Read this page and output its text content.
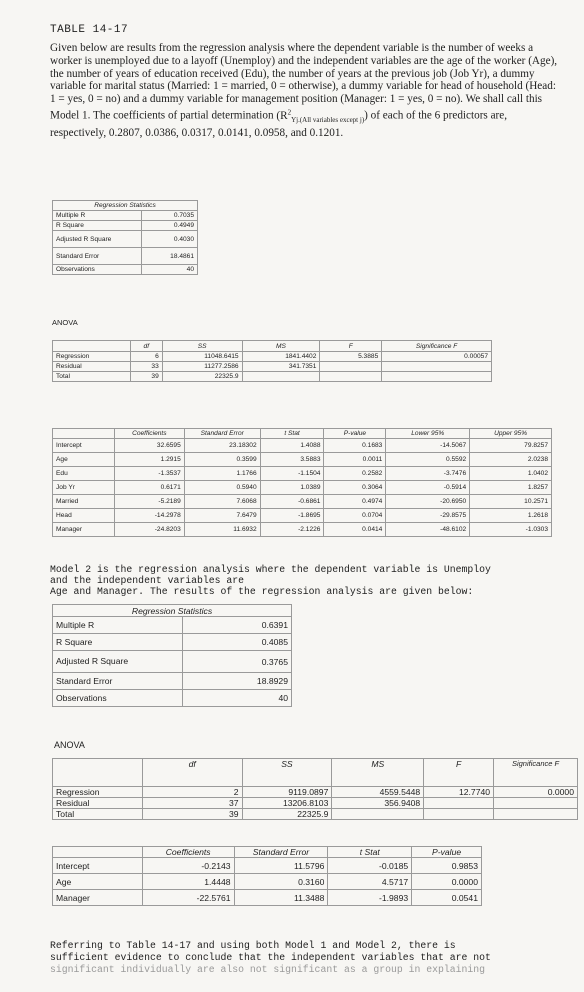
TABLE 14-17

Given below are results from the regression analysis where the dependent variable is the number of weeks a worker is unemployed due to a layoff (Unemploy) and the independent variables are the age of the worker (Age), the number of years of education received (Edu), the number of years at the previous job (Job Yr), a dummy variable for marital status (Married: 1 = married, 0 = otherwise), a dummy variable for head of household (Head: 1 = yes, 0 = no) and a dummy variable for management position (Manager: 1 = yes, 0 = no). We shall call this Model 1. The coefficients of partial determination $(R^2_{Yj.(All variables except j)})$ of each of the 6 predictors are, respectively, 0.2807, 0.0386, 0.0317, 0.0141, 0.0958, and 0.1201.

Regression Statistics	
Multiple R	0.7035
R Square	0.4949
Adjusted R Square	0.4030
Standard Error	18.4861
Observations	40
ANOVA
	df	SS	MS	F	Significance F
Regression	6	11048.6415	1841.4402	5.3885	0.00057
Residual	33	11277.2586	341.7351		
Total	39	22325.9			
	Coefficients	Standard Error	t Stat	P-value	Lower 95%	Upper 95%
Intercept	32.6595	23.18302	1.4088	0.1683	-14.5067	79.8257
Age	1.2915	0.3599	3.5883	0.0011	0.5592	2.0238
Edu	-1.3537	1.1766	-1.1504	0.2582	-3.7476	1.0402
Job Yr	0.6171	0.5940	1.0389	0.3064	-0.5914	1.8257
Married	-5.2189	7.6068	-0.6861	0.4974	-20.6950	10.2571
Head	-14.2978	7.6479	-1.8695	0.0704	-29.8575	1.2618
Manager	-24.8203	11.6932	-2.1226	0.0414	-48.6102	-1.0303
Model 2 is the regression analysis where the dependent variable is Unemploy
and the independent variables are
Age and Manager. The results of the regression analysis are given below:
Regression Statistics	
Multiple R	0.6391
R Square	0.4085
Adjusted R Square	0.3765
Standard Error	18.8929
Observations	40
ANOVA
	df	SS	MS	F	Significance F
Regression	2	9119.0897	4559.5448	12.7740	0.0000
Residual	37	13206.8103	356.9408		
Total	39	22325.9			
	Coefficients	Standard Error	t Stat	P-value
Intercept	-0.2143	11.5796	-0.0185	0.9853
Age	1.4448	0.3160	4.5717	0.0000
Manager	-22.5761	11.3488	-1.9893	0.0541
Referring to Table 14-17 and using both Model 1 and Model 2, there is
sufficient evidence to conclude that the independent variables that are not
significant individually are also not significant as a group in explaining
